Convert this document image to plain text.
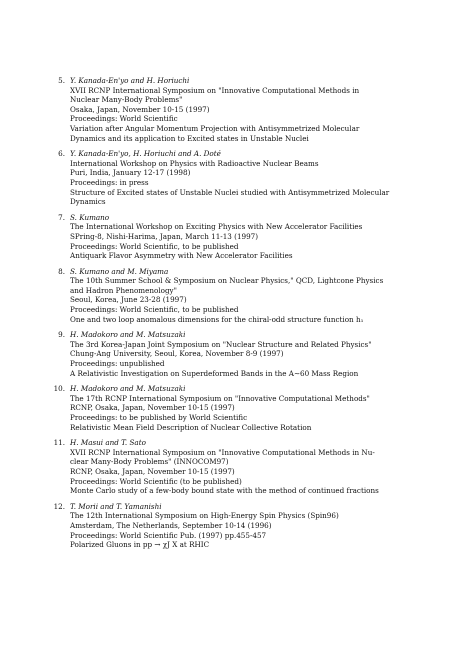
5. Y. Kanada-En'yo and H. Horiuchi
XVII RCNP International Symposium on "Innovative Computational Methods in
Nuclear Many-Body Problems"
Osaka, Japan, November 10-15 (1997)
Proceedings: World Scientific
Variation after Angular Momentum Projection with Antisymmetrized Molecular
Dynamics and its application to Excited states in Unstable Nuclei
6. Y. Kanada-En'yo, H. Horiuchi and A. Doté
International Workshop on Physics with Radioactive Nuclear Beams
Puri, India, January 12-17 (1998)
Proceedings: in press
Structure of Excited states of Unstable Nuclei studied with Antisymmetrized Molecular
Dynamics
7. S. Kumano
The International Workshop on Exciting Physics with New Accelerator Facilities
SPring-8, Nishi-Harima, Japan, March 11-13 (1997)
Proceedings: World Scientific, to be published
Antiquark Flavor Asymmetry with New Accelerator Facilities
8. S. Kumano and M. Miyama
The 10th Summer School & Symposium on Nuclear Physics," QCD, Lightcone Physics
and Hadron Phenomenology"
Seoul, Korea, June 23-28 (1997)
Proceedings: World Scientific, to be published
One and two loop anomalous dimensions for the chiral-odd structure function h₁
9. H. Madokoro and M. Matsuzaki
The 3rd Korea-Japan Joint Symposium on "Nuclear Structure and Related Physics"
Chung-Ang University, Seoul, Korea, November 8-9 (1997)
Proceedings: unpublished
A Relativistic Investigation on Superdeformed Bands in the A∼60 Mass Region
10. H. Madokoro and M. Matsuzaki
The 17th RCNP International Symposium on "Innovative Computational Methods"
RCNP, Osaka, Japan, November 10-15 (1997)
Proceedings: to be published by World Scientific
Relativistic Mean Field Description of Nuclear Collective Rotation
11. H. Masui and T. Sato
XVII RCNP International Symposium on "Innovative Computational Methods in Nu-
clear Many-Body Problems" (INNOCOM97)
RCNP, Osaka, Japan, November 10-15 (1997)
Proceedings: World Scientific (to be published)
Monte Carlo study of a few-body bound state with the method of continued fractions
12. T. Morii and T. Yamanishi
The 12th International Symposium on High-Energy Spin Physics (Spin96)
Amsterdam, The Netherlands, September 10-14 (1996)
Proceedings: World Scientific Pub. (1997) pp.455-457
Polarized Gluons in pp → χJ X at RHIC
